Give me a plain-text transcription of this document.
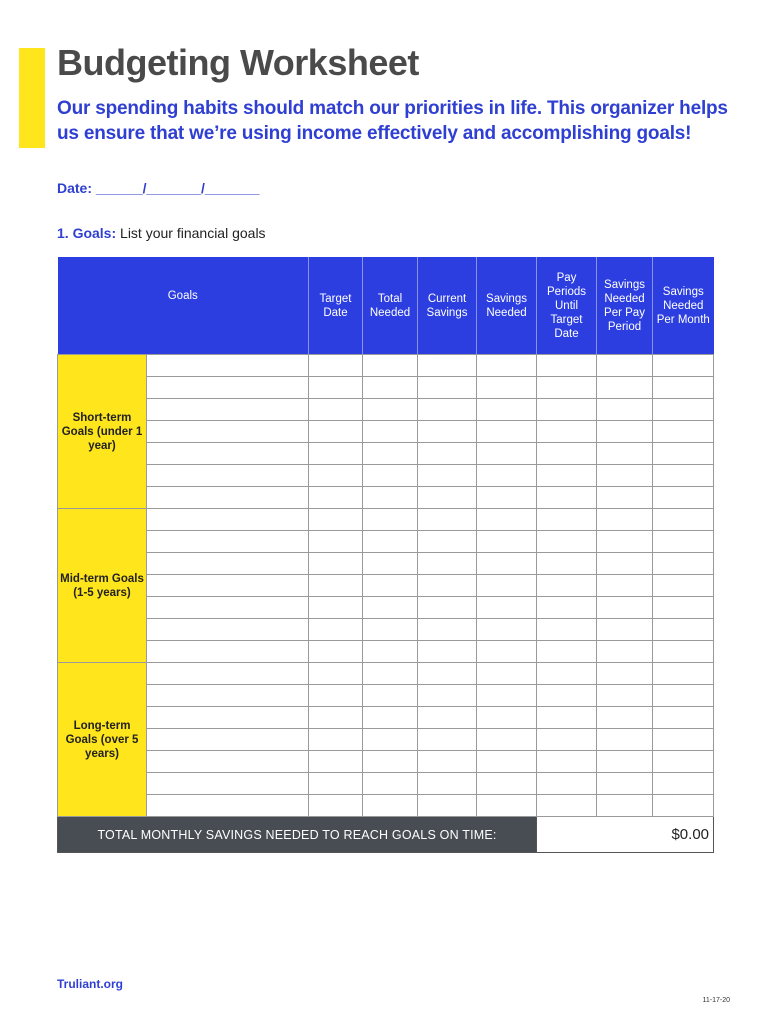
Budgeting Worksheet

Our spending habits should match our priorities in life. This organizer helps us ensure that we’re using income effectively and accomplishing goals!

Date: ______/_______/_______
1. Goals: List your financial goals
Goals		Target Date	Total Needed	Current Savings	Savings Needed	Pay Periods Until Target Date	Savings Needed Per Pay Period	Savings Needed Per Month
Short-term Goals (under 1 year)								

Mid-term Goals (1-5 years)								

Long-term Goals (over 5 years)								

TOTAL MONTHLY SAVINGS NEEDED TO REACH GOALS ON TIME:						$0.00		
Truliant.org
11-17-20
